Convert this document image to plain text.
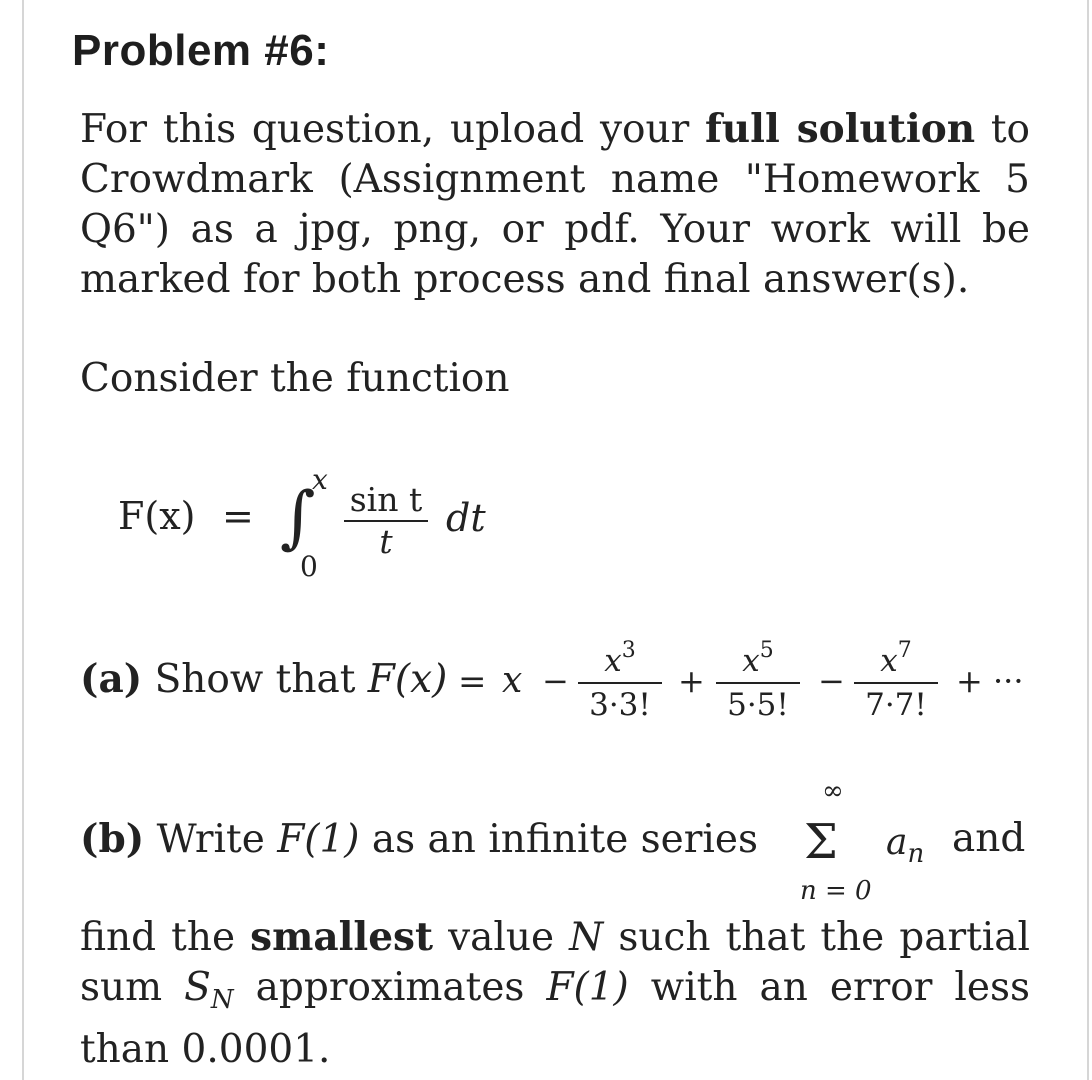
Problem #6:
For this question, upload your full solution to Crowdmark (Assignment name "Homework 5 Q6") as a jpg, png, or pdf. Your work will be marked for both process and final answer(s).
Consider the function
F(x) = ∫
x
0
sin t
t
dt
(a) Show that F(x) = x −
$x^3$
3·3!
+
$x^5$
5·5!
−
$x^7$
7·7!
+ ···
(b) Write F(1) as an infinite series
∞
Σ
n = 0
$a_n$ and
find the smallest value N such that the partial sum $S_N$ approximates F(1) with an error less than 0.0001.
